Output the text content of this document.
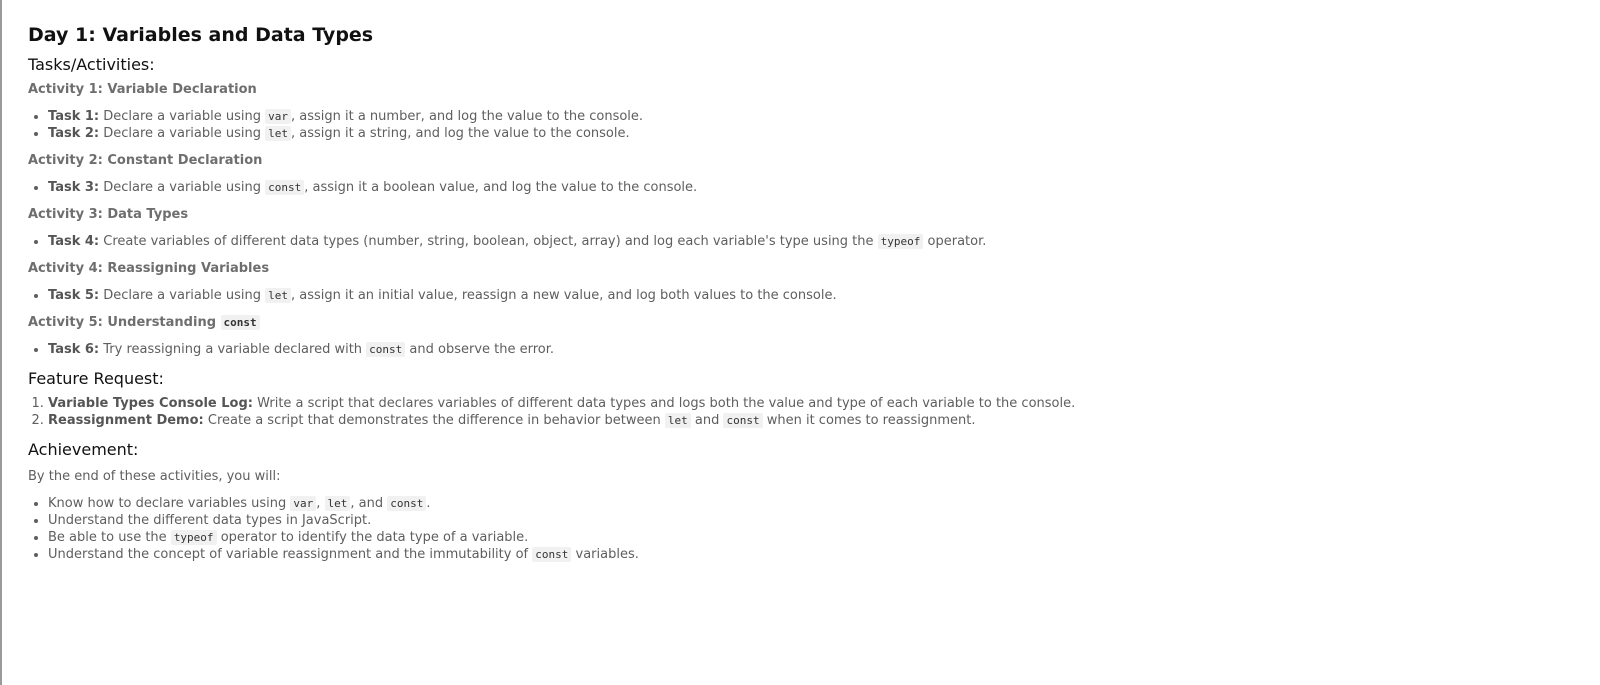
Day 1: Variables and Data Types
Tasks/Activities:
Activity 1: Variable Declaration
• Task 1: Declare a variable using var , assign it a number, and log the value to the console.
• Task 2: Declare a variable using let , assign it a string, and log the value to the console.
Activity 2: Constant Declaration
• Task 3: Declare a variable using const , assign it a boolean value, and log the value to the console.
Activity 3: Data Types
• Task 4: Create variables of different data types (number, string, boolean, object, array) and log each variable's type using the typeof operator.
Activity 4: Reassigning Variables
• Task 5: Declare a variable using let , assign it an initial value, reassign a new value, and log both values to the console.
Activity 5: Understanding const
• Task 6: Try reassigning a variable declared with const and observe the error.
Feature Request:
1. Variable Types Console Log: Write a script that declares variables of different data types and logs both the value and type of each variable to the console.
2. Reassignment Demo: Create a script that demonstrates the difference in behavior between let and const when it comes to reassignment.
Achievement:

By the end of these activities, you will:

• Know how to declare variables using var , let , and const .
• Understand the different data types in JavaScript.
• Be able to use the typeof operator to identify the data type of a variable.
• Understand the concept of variable reassignment and the immutability of const variables.
